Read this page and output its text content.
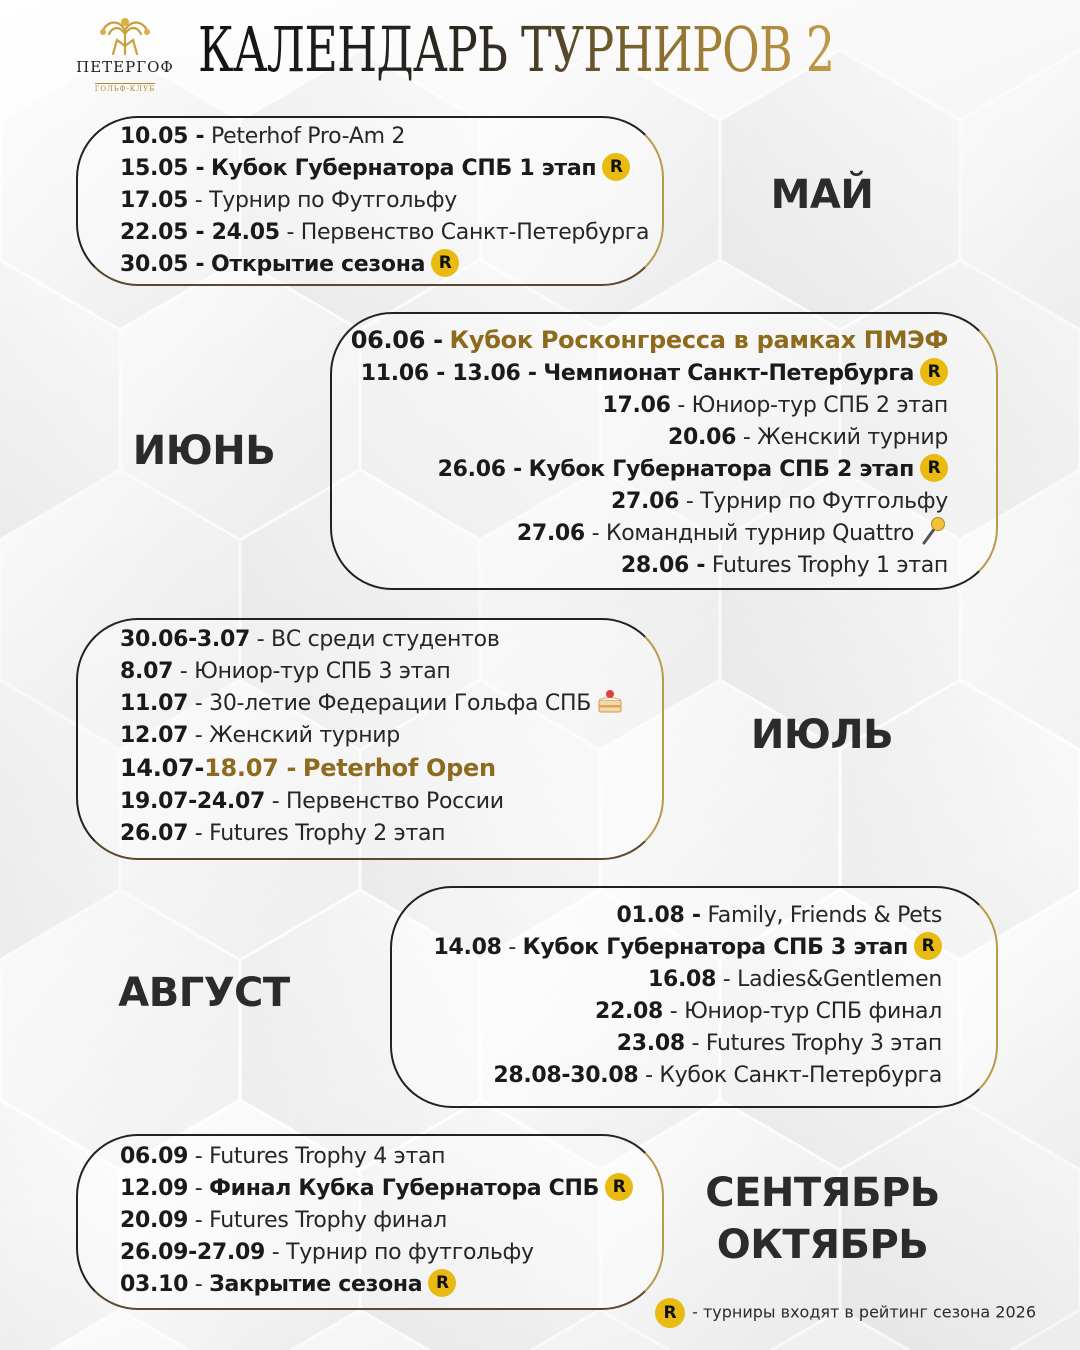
ПЕТЕРГОФ
ГОЛЬФ-КЛУБ
КАЛЕНДАРЬ ТУРНИРОВ 2026
10.05 - Peterhof Pro-Am 2
15.05 - Кубок Губернатора СПБ 1 этап R
17.05 - Турнир по Футгольфу
22.05 - 24.05 - Первенство Санкт-Петербурга
30.05 - Открытие сезона R
МАЙ
06.06 - Кубок Росконгресса в рамках ПМЭФ
11.06 - 13.06 - Чемпионат Санкт-Петербурга R
17.06 - Юниор-тур СПБ 2 этап
20.06 - Женский турнир
26.06 - Кубок Губернатора СПБ 2 этап R
27.06 - Турнир по Футгольфу
27.06 - Командный турнир Quattro
28.06 - Futures Trophy 1 этап
ИЮНЬ
30.06-3.07 - ВС среди студентов
8.07 - Юниор-тур СПБ 3 этап
11.07 - 30-летие Федерации Гольфа СПБ
12.07 - Женский турнир
14.07-18.07 - Peterhof Open
19.07-24.07 - Первенство России
26.07 - Futures Trophy 2 этап
ИЮЛЬ
01.08 - Family, Friends & Pets
14.08 - Кубок Губернатора СПБ 3 этап R
16.08 - Ladies&Gentlemen
22.08 - Юниор-тур СПБ финал
23.08 - Futures Trophy 3 этап
28.08-30.08 - Кубок Санкт-Петербурга
АВГУСТ
06.09 - Futures Trophy 4 этап
12.09 - Финал Кубка Губернатора СПБ R
20.09 - Futures Trophy финал
26.09-27.09 - Турнир по футгольфу
03.10 - Закрытие сезона R
СЕНТЯБРЬ
ОКТЯБРЬ
R - турниры входят в рейтинг сезона 2026
